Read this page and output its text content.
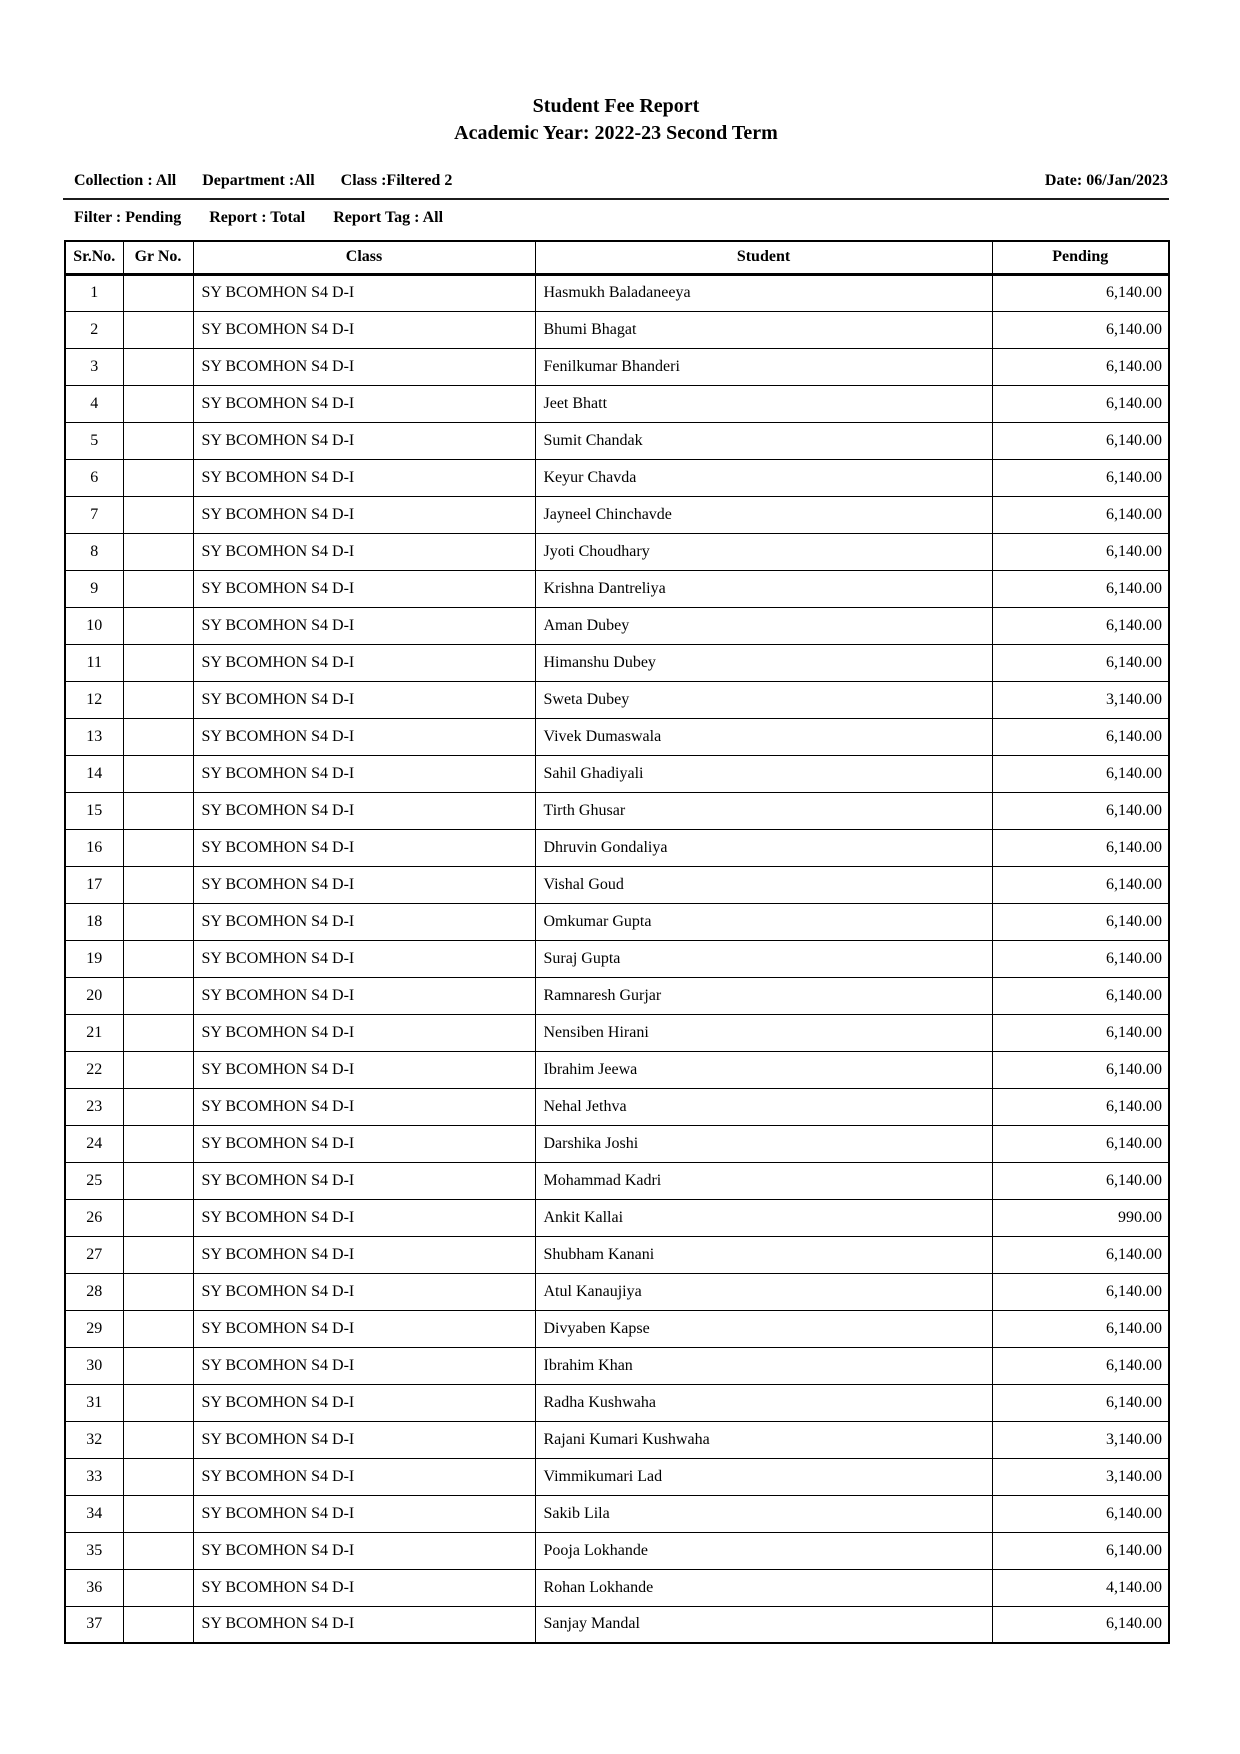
Student Fee Report
Academic Year: 2022-23 Second Term
Collection : All Department :All Class :Filtered 2	Date: 06/Jan/2023
Filter : Pending Report : Total Report Tag : All
Sr.No.	Gr No.	Class	Student	Pending
1		SY BCOMHON S4 D-I	Hasmukh Baladaneeya	6,140.00
2		SY BCOMHON S4 D-I	Bhumi Bhagat	6,140.00
3		SY BCOMHON S4 D-I	Fenilkumar Bhanderi	6,140.00
4		SY BCOMHON S4 D-I	Jeet Bhatt	6,140.00
5		SY BCOMHON S4 D-I	Sumit Chandak	6,140.00
6		SY BCOMHON S4 D-I	Keyur Chavda	6,140.00
7		SY BCOMHON S4 D-I	Jayneel Chinchavde	6,140.00
8		SY BCOMHON S4 D-I	Jyoti Choudhary	6,140.00
9		SY BCOMHON S4 D-I	Krishna Dantreliya	6,140.00
10		SY BCOMHON S4 D-I	Aman Dubey	6,140.00
11		SY BCOMHON S4 D-I	Himanshu Dubey	6,140.00
12		SY BCOMHON S4 D-I	Sweta Dubey	3,140.00
13		SY BCOMHON S4 D-I	Vivek Dumaswala	6,140.00
14		SY BCOMHON S4 D-I	Sahil Ghadiyali	6,140.00
15		SY BCOMHON S4 D-I	Tirth Ghusar	6,140.00
16		SY BCOMHON S4 D-I	Dhruvin Gondaliya	6,140.00
17		SY BCOMHON S4 D-I	Vishal Goud	6,140.00
18		SY BCOMHON S4 D-I	Omkumar Gupta	6,140.00
19		SY BCOMHON S4 D-I	Suraj Gupta	6,140.00
20		SY BCOMHON S4 D-I	Ramnaresh Gurjar	6,140.00
21		SY BCOMHON S4 D-I	Nensiben Hirani	6,140.00
22		SY BCOMHON S4 D-I	Ibrahim Jeewa	6,140.00
23		SY BCOMHON S4 D-I	Nehal Jethva	6,140.00
24		SY BCOMHON S4 D-I	Darshika Joshi	6,140.00
25		SY BCOMHON S4 D-I	Mohammad Kadri	6,140.00
26		SY BCOMHON S4 D-I	Ankit Kallai	990.00
27		SY BCOMHON S4 D-I	Shubham Kanani	6,140.00
28		SY BCOMHON S4 D-I	Atul Kanaujiya	6,140.00
29		SY BCOMHON S4 D-I	Divyaben Kapse	6,140.00
30		SY BCOMHON S4 D-I	Ibrahim Khan	6,140.00
31		SY BCOMHON S4 D-I	Radha Kushwaha	6,140.00
32		SY BCOMHON S4 D-I	Rajani Kumari Kushwaha	3,140.00
33		SY BCOMHON S4 D-I	Vimmikumari Lad	3,140.00
34		SY BCOMHON S4 D-I	Sakib Lila	6,140.00
35		SY BCOMHON S4 D-I	Pooja Lokhande	6,140.00
36		SY BCOMHON S4 D-I	Rohan Lokhande	4,140.00
37		SY BCOMHON S4 D-I	Sanjay Mandal	6,140.00
